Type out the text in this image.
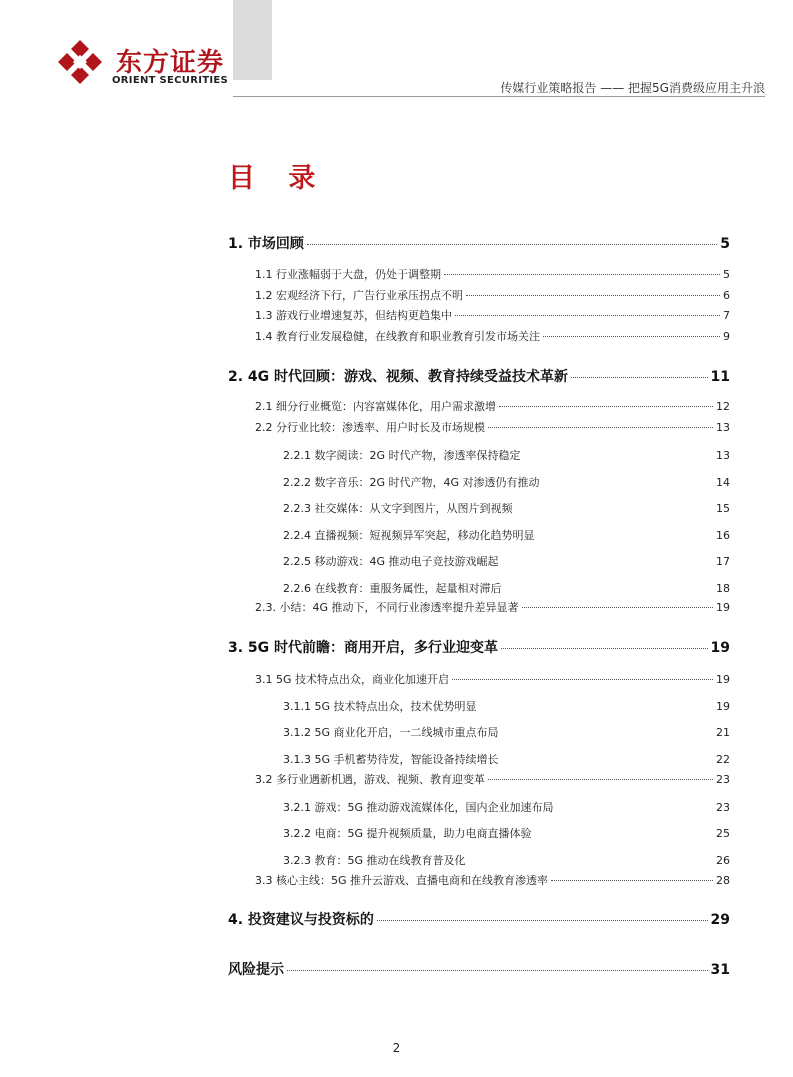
东方证券
ORIENT SECURITIES
传媒行业策略报告 —— 把握5G消费级应用主升浪
目 录
1. 市场回顾	5
1.1 行业涨幅弱于大盘，仍处于调整期	5
1.2 宏观经济下行，广告行业承压拐点不明	6
1.3 游戏行业增速复苏，但结构更趋集中	7
1.4 教育行业发展稳健，在线教育和职业教育引发市场关注	9
2. 4G 时代回顾：游戏、视频、教育持续受益技术革新	11
2.1 细分行业概览：内容富媒体化，用户需求激增	12
2.2 分行业比较：渗透率、用户时长及市场规模	13
2.2.1 数字阅读：2G 时代产物，渗透率保持稳定	13
2.2.2 数字音乐：2G 时代产物，4G 对渗透仍有推动	14
2.2.3 社交媒体：从文字到图片，从图片到视频	15
2.2.4 直播视频：短视频异军突起，移动化趋势明显	16
2.2.5 移动游戏：4G 推动电子竞技游戏崛起	17
2.2.6 在线教育：重服务属性，起量相对滞后	18
2.3. 小结：4G 推动下，不同行业渗透率提升差异显著	19
3. 5G 时代前瞻：商用开启，多行业迎变革	19
3.1 5G 技术特点出众，商业化加速开启	19
3.1.1 5G 技术特点出众，技术优势明显	19
3.1.2 5G 商业化开启，一二线城市重点布局	21
3.1.3 5G 手机蓄势待发，智能设备持续增长	22
3.2 多行业遇新机遇，游戏、视频、教育迎变革	23
3.2.1 游戏：5G 推动游戏流媒体化，国内企业加速布局	23
3.2.2 电商：5G 提升视频质量，助力电商直播体验	25
3.2.3 教育：5G 推动在线教育普及化	26
3.3 核心主线：5G 推升云游戏、直播电商和在线教育渗透率	28
4. 投资建议与投资标的	29
风险提示	31
2
